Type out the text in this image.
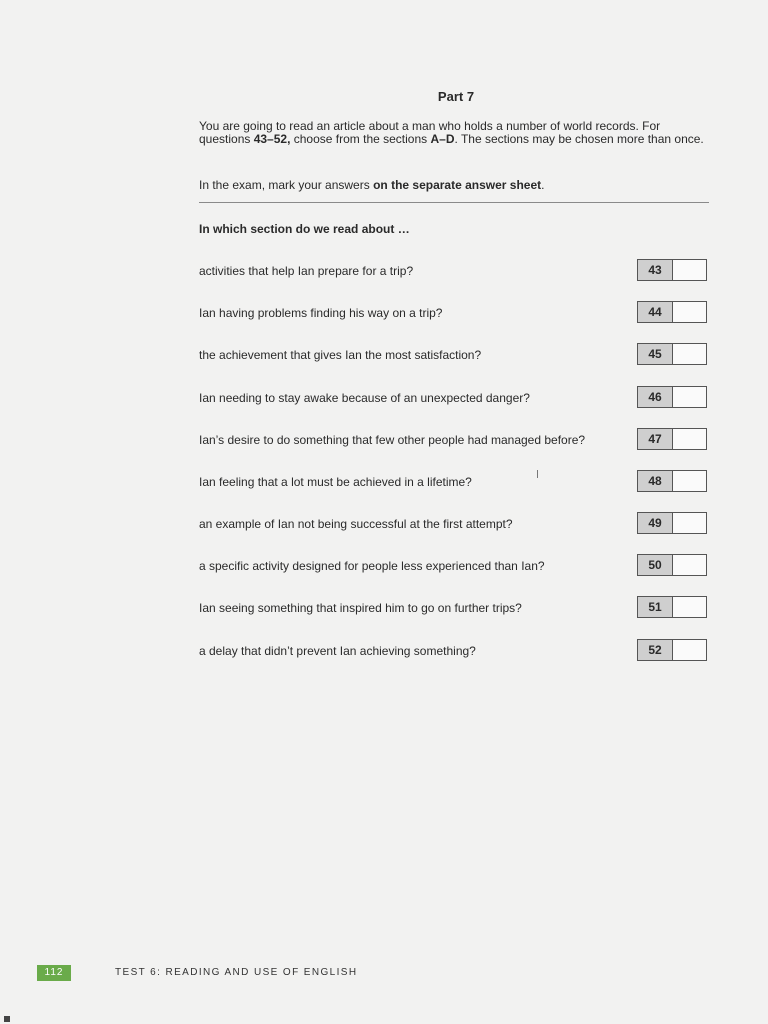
Part 7
You are going to read an article about a man who holds a number of world records. For questions 43–52, choose from the sections A–D. The sections may be chosen more than once.
In the exam, mark your answers on the separate answer sheet.
In which section do we read about …
activities that help Ian prepare for a trip?	43
Ian having problems finding his way on a trip?	44
the achievement that gives Ian the most satisfaction?	45
Ian needing to stay awake because of an unexpected danger?	46
Ian’s desire to do something that few other people had managed before?	47
Ian feeling that a lot must be achieved in a lifetime?	48
an example of Ian not being successful at the first attempt?	49
a specific activity designed for people less experienced than Ian?	50
Ian seeing something that inspired him to go on further trips?	51
a delay that didn’t prevent Ian achieving something?	52
112	TEST 6: READING AND USE OF ENGLISH
